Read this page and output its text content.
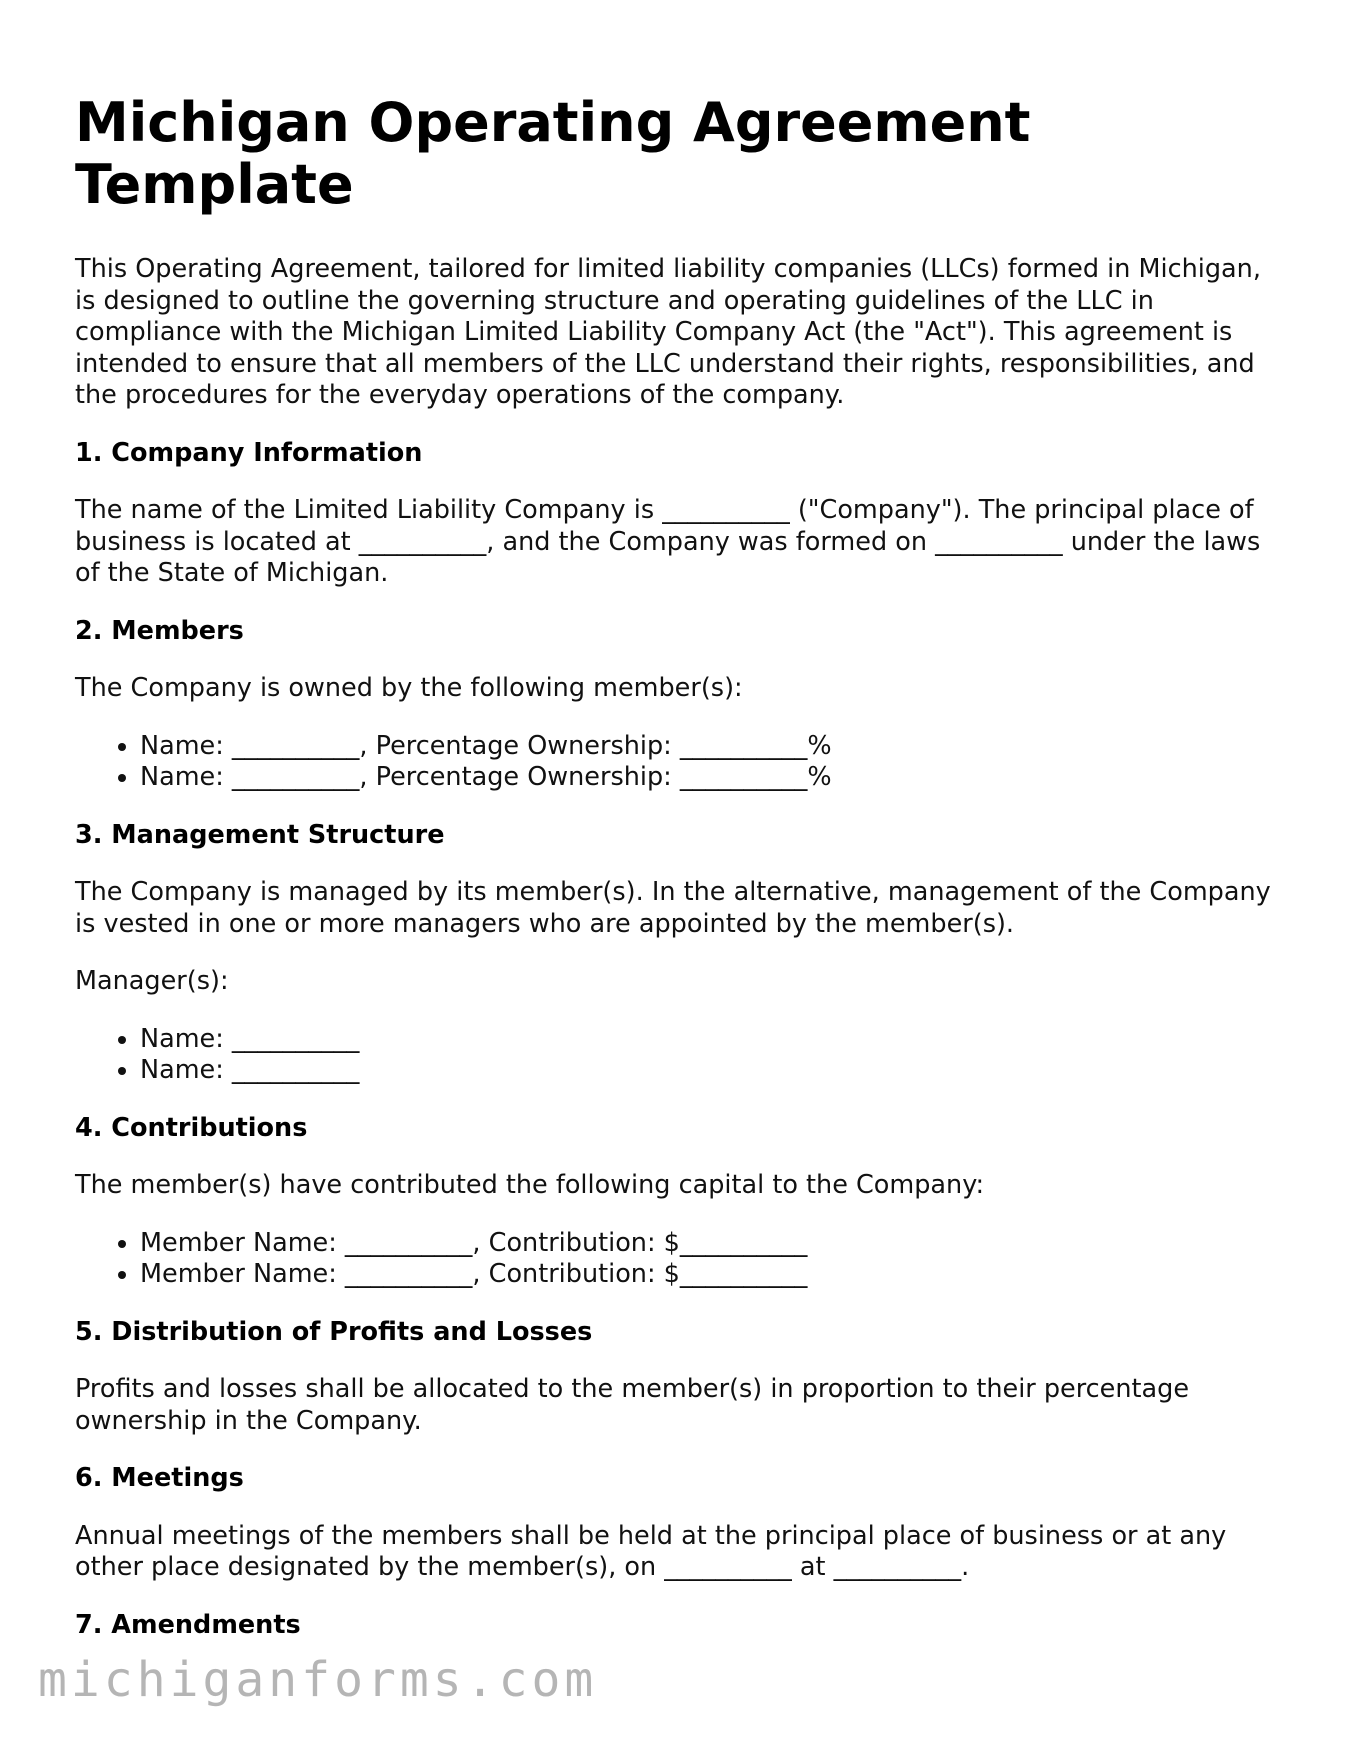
Michigan Operating Agreement Template

This Operating Agreement, tailored for limited liability companies (LLCs) formed in Michigan, is designed to outline the governing structure and operating guidelines of the LLC in compliance with the Michigan Limited Liability Company Act (the "Act"). This agreement is intended to ensure that all members of the LLC understand their rights, responsibilities, and the procedures for the everyday operations of the company.

1. Company Information

The name of the Limited Liability Company is __________ ("Company"). The principal place of business is located at __________, and the Company was formed on __________ under the laws of the State of Michigan.

2. Members

The Company is owned by the following member(s):

• Name: __________, Percentage Ownership: __________%
• Name: __________, Percentage Ownership: __________%
3. Management Structure

The Company is managed by its member(s). In the alternative, management of the Company is vested in one or more managers who are appointed by the member(s).

Manager(s):

• Name: __________
• Name: __________
4. Contributions

The member(s) have contributed the following capital to the Company:

• Member Name: __________, Contribution: $__________
• Member Name: __________, Contribution: $__________
5. Distribution of Profits and Losses

Profits and losses shall be allocated to the member(s) in proportion to their percentage ownership in the Company.

6. Meetings

Annual meetings of the members shall be held at the principal place of business or at any other place designated by the member(s), on __________ at __________.

7. Amendments
michiganforms.com
